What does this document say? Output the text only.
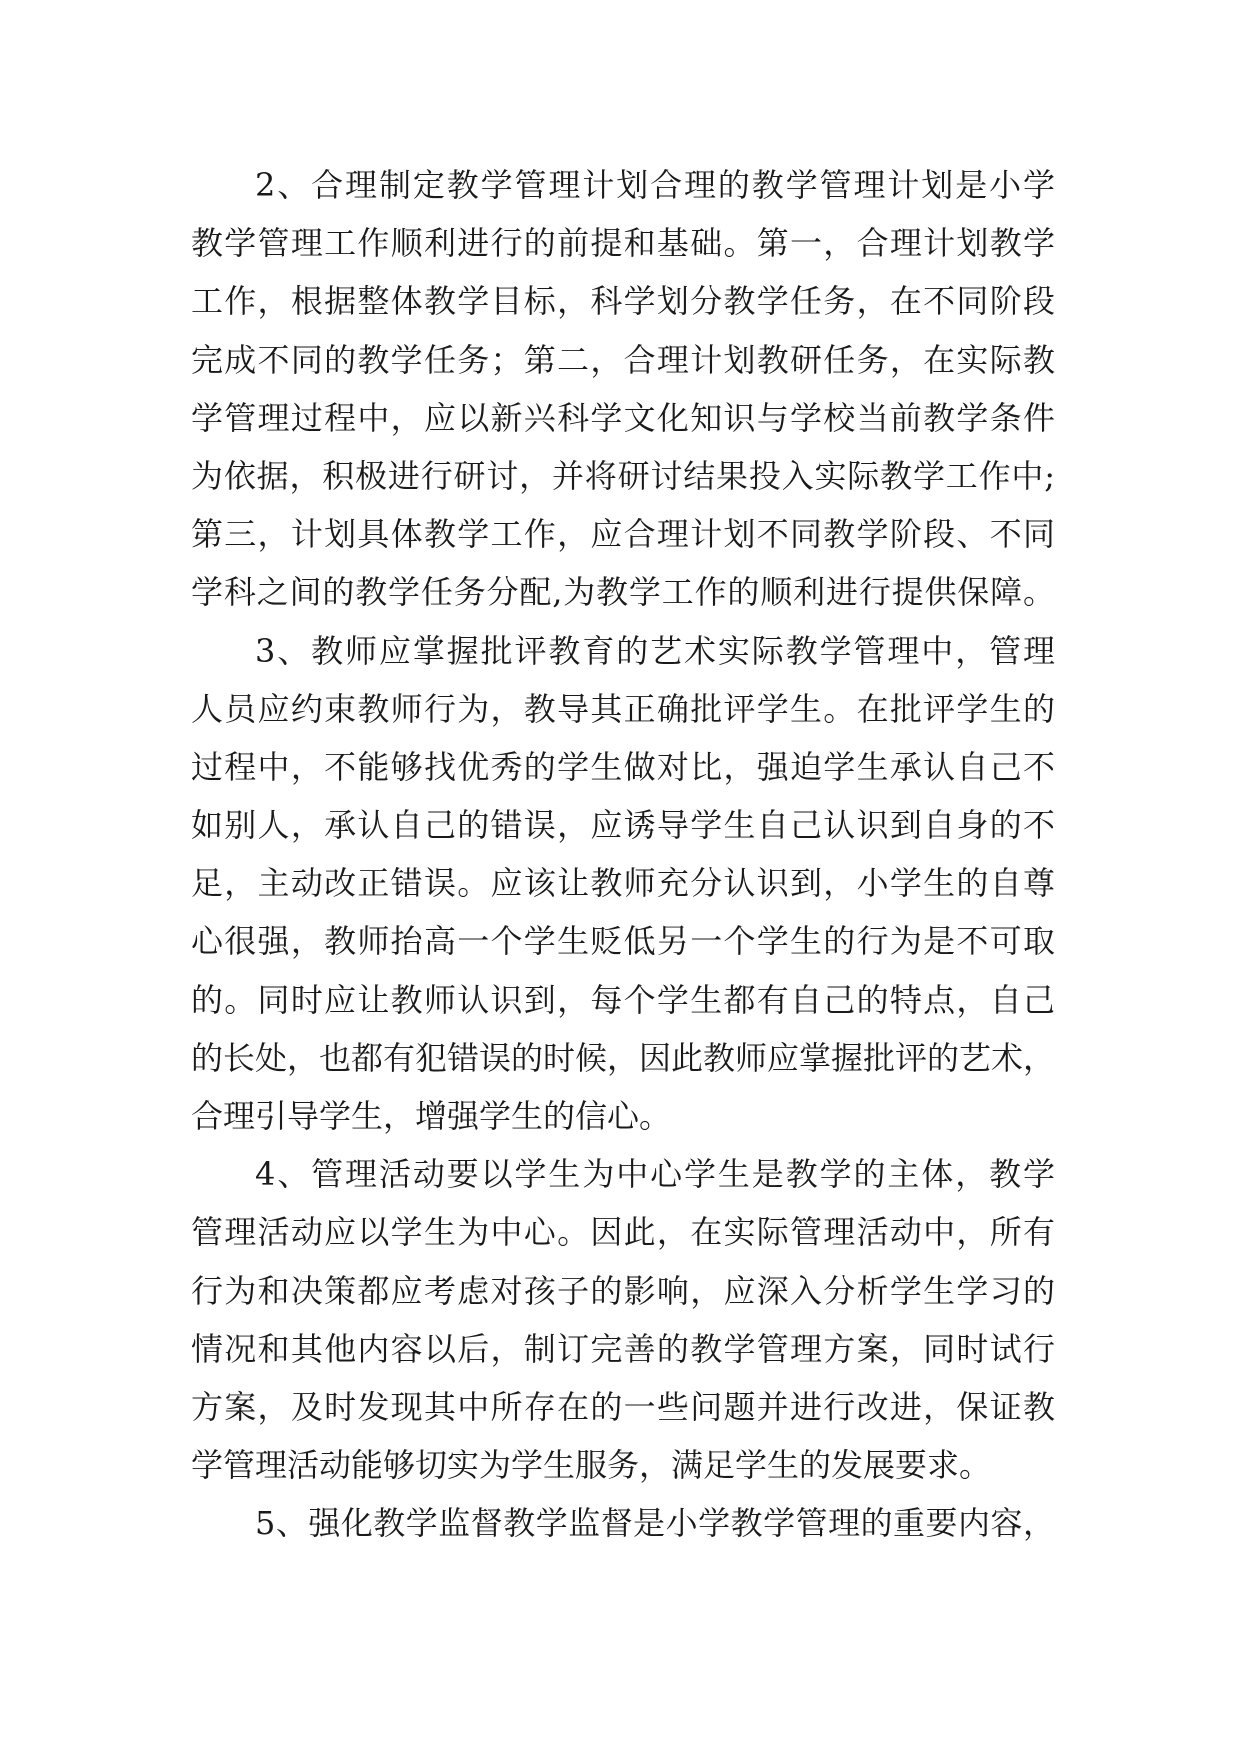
2、合理制定教学管理计划合理的教学管理计划是小学
教学管理工作顺利进行的前提和基础。第一，合理计划教学
工作，根据整体教学目标，科学划分教学任务，在不同阶段
完成不同的教学任务；第二，合理计划教研任务，在实际教
学管理过程中，应以新兴科学文化知识与学校当前教学条件
为依据，积极进行研讨，并将研讨结果投入实际教学工作中;
第三，计划具体教学工作，应合理计划不同教学阶段、不同
学科之间的教学任务分配,为教学工作的顺利进行提供保障。
3、教师应掌握批评教育的艺术实际教学管理中，管理
人员应约束教师行为，教导其正确批评学生。在批评学生的
过程中，不能够找优秀的学生做对比，强迫学生承认自己不
如别人，承认自己的错误，应诱导学生自己认识到自身的不
足，主动改正错误。应该让教师充分认识到，小学生的自尊
心很强，教师抬高一个学生贬低另一个学生的行为是不可取
的。同时应让教师认识到，每个学生都有自己的特点，自己
的长处，也都有犯错误的时候，因此教师应掌握批评的艺术，
合理引导学生，增强学生的信心。
4、管理活动要以学生为中心学生是教学的主体，教学
管理活动应以学生为中心。因此，在实际管理活动中，所有
行为和决策都应考虑对孩子的影响，应深入分析学生学习的
情况和其他内容以后，制订完善的教学管理方案，同时试行
方案，及时发现其中所存在的一些问题并进行改进，保证教
学管理活动能够切实为学生服务，满足学生的发展要求。
5、强化教学监督教学监督是小学教学管理的重要内容，
